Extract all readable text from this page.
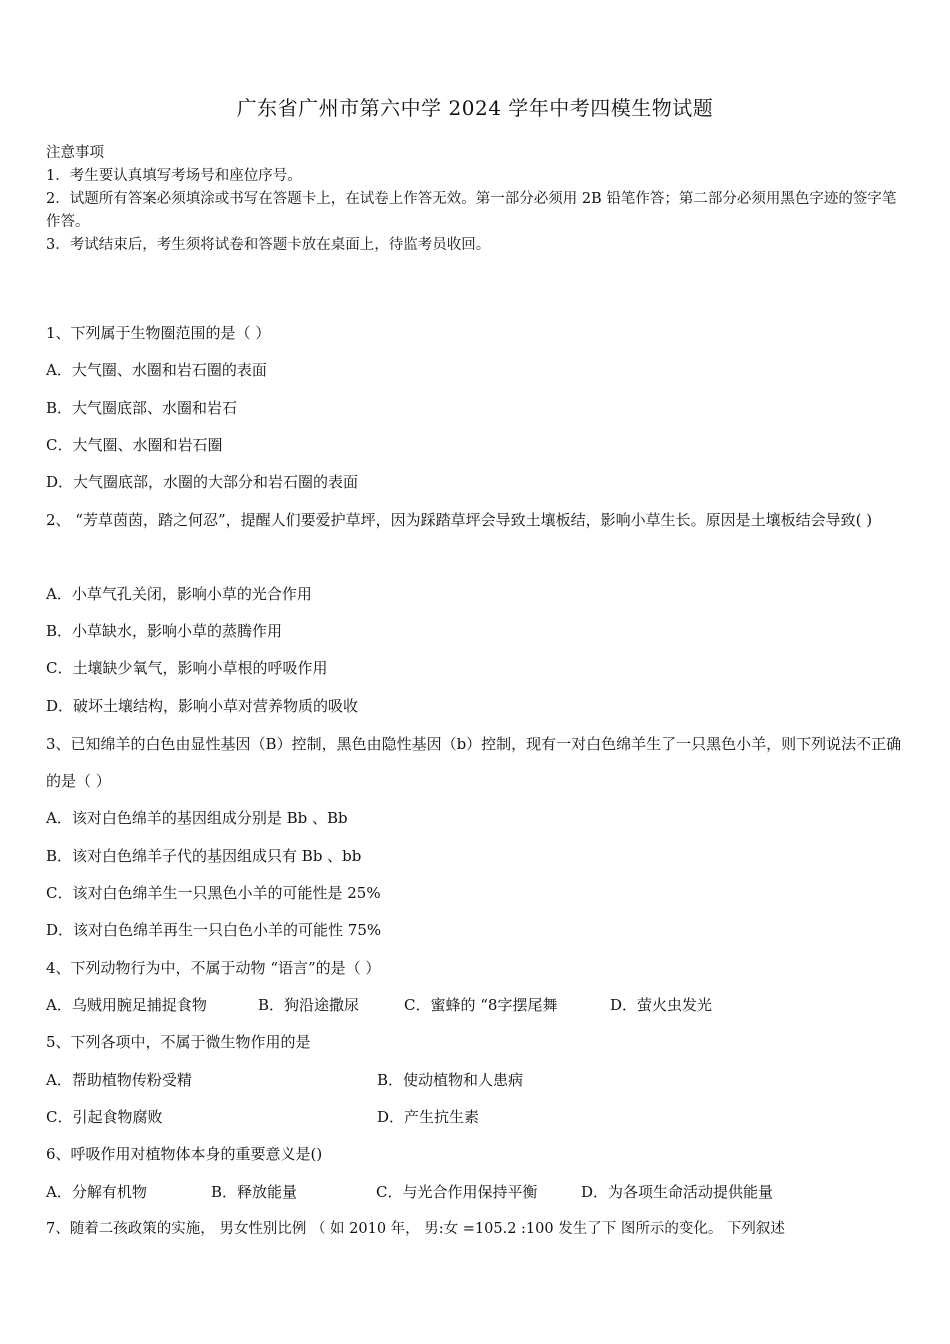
广东省广州市第六中学 2024 学年中考四模生物试题
注意事项
1．考生要认真填写考场号和座位序号。
2．试题所有答案必须填涂或书写在答题卡上，在试卷上作答无效。第一部分必须用 2B 铅笔作答；第二部分必须用黑色字迹的签字笔作答。
3．考试结束后，考生须将试卷和答题卡放在桌面上，待监考员收回。
1、下列属于生物圈范围的是（ ）
A．大气圈、水圈和岩石圈的表面
B．大气圈底部、水圈和岩石
C．大气圈、水圈和岩石圈
D．大气圈底部，水圈的大部分和岩石圈的表面
2、 “芳草茵茵，踏之何忍”，提醒人们要爱护草坪，因为踩踏草坪会导致土壤板结，影响小草生长。原因是土壤板结会导致( )
A．小草气孔关闭，影响小草的光合作用
B．小草缺水，影响小草的蒸腾作用
C．土壤缺少氧气，影响小草根的呼吸作用
D．破坏土壤结构，影响小草对营养物质的吸收
3、已知绵羊的白色由显性基因（B）控制，黑色由隐性基因（b）控制，现有一对白色绵羊生了一只黑色小羊，则下列说法不正确的是（ ）
A．该对白色绵羊的基因组成分别是 Bb 、Bb
B．该对白色绵羊子代的基因组成只有 Bb 、bb
C．该对白色绵羊生一只黑色小羊的可能性是 25%
D．该对白色绵羊再生一只白色小羊的可能性 75%
4、下列动物行为中，不属于动物 “语言”的是（ ）
A．乌贼用腕足捕捉食物	B．狗沿途撒尿	C．蜜蜂的 “8字摆尾舞	D．萤火虫发光
5、下列各项中，不属于微生物作用的是
A．帮助植物传粉受精	B．使动植物和人患病
C．引起食物腐败	D．产生抗生素
6、呼吸作用对植物体本身的重要意义是()
A．分解有机物	B．释放能量	C．与光合作用保持平衡	D．为各项生命活动提供能量
7、随着二孩政策的实施， 男女性别比例 （ 如 2010 年， 男:女 =105.2 :100 发生了下 图所示的变化。 下列叙述
